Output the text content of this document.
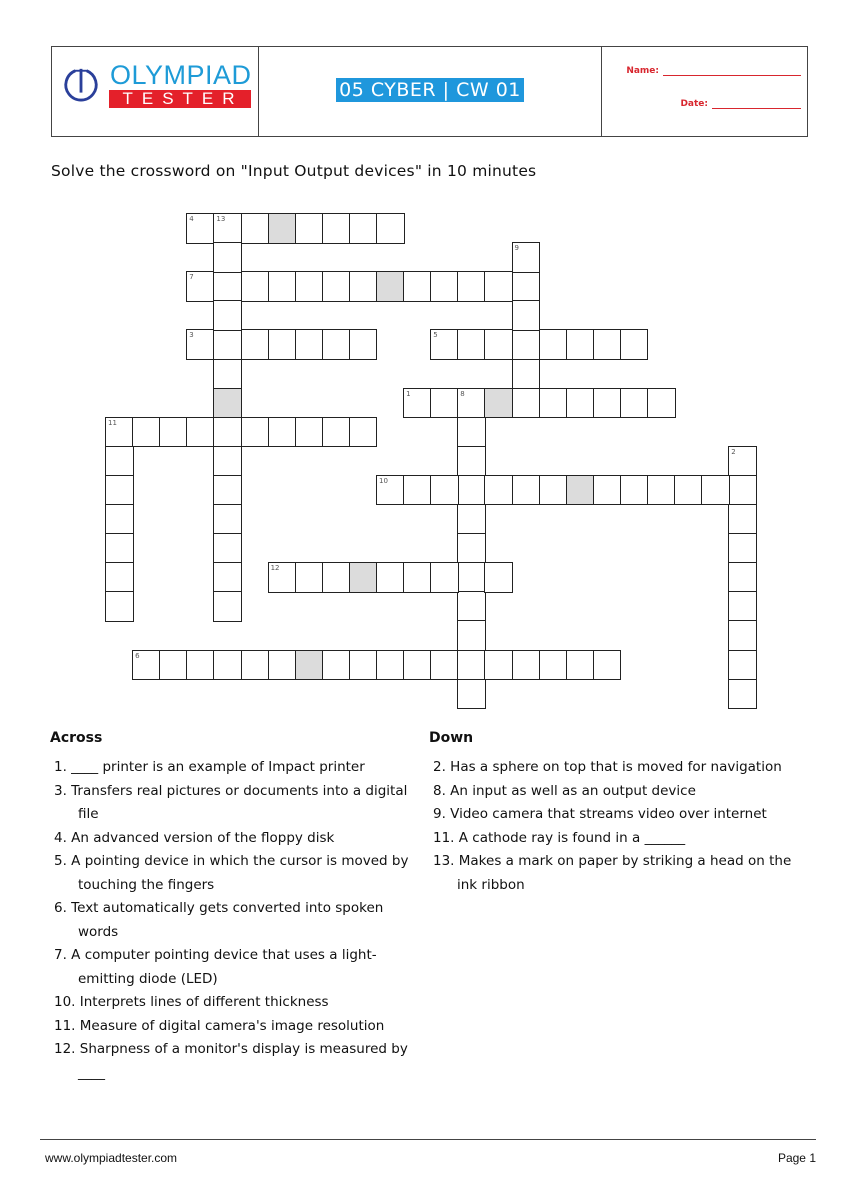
OLYMPIAD
TESTER	05 CYBER | CW 01
Name:
Date:
Solve the crossword on "Input Output devices" in 10 minutes
1	8
2
3
4	13
5
6
7
9
10
11
12
Across

1. ____ printer is an example of Impact printer

3. Transfers real pictures or documents into a digital file

4. An advanced version of the floppy disk

5. A pointing device in which the cursor is moved by touching the fingers

6. Text automatically gets converted into spoken words

7. A computer pointing device that uses a light-emitting diode (LED)

10. Interprets lines of different thickness

11. Measure of digital camera's image resolution

12. Sharpness of a monitor's display is measured by ____

Down

2. Has a sphere on top that is moved for navigation

8. An input as well as an output device

9. Video camera that streams video over internet

11. A cathode ray is found in a ______

13. Makes a mark on paper by striking a head on the ink ribbon

www.olympiadtester.com	Page 1
